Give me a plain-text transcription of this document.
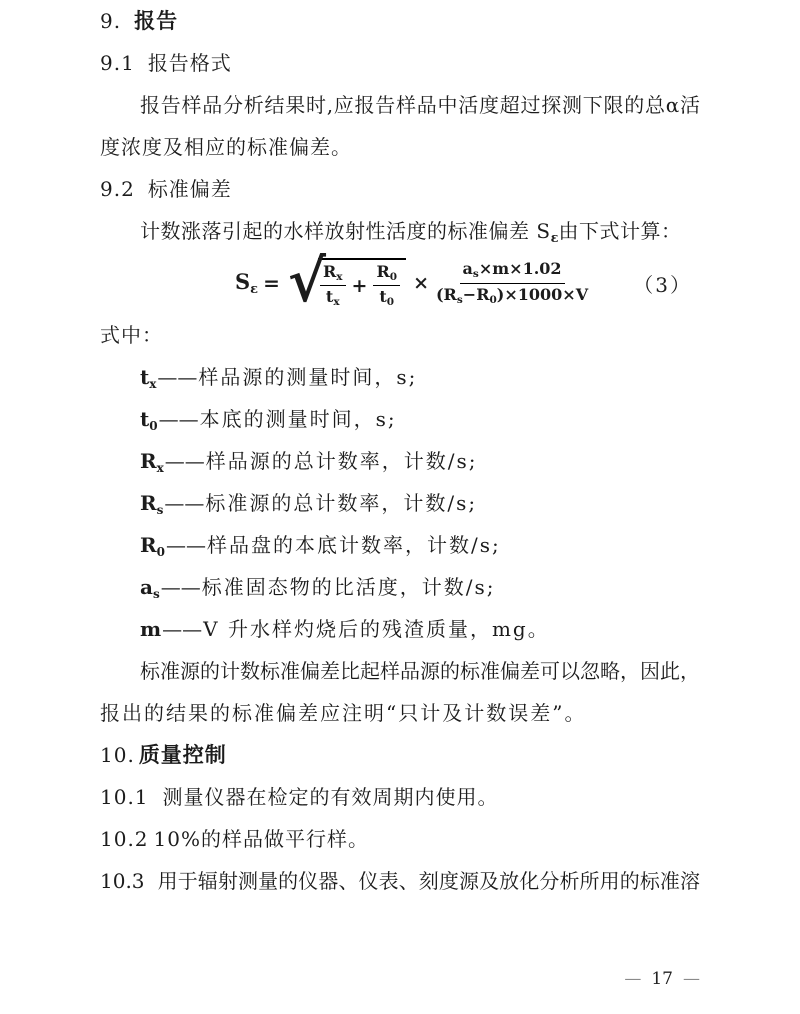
9. 报告
9.1 报告格式
报告样品分析结果时,应报告样品中活度超过探测下限的总α活
度浓度及相应的标准偏差。
9.2 标准偏差
计数涨落引起的水样放射性活度的标准偏差 $S_\varepsilon$由下式计算：
Sε = √
$\frac{Rx}{tx} + \frac{R0}{t0} \times \frac{as\times m\times 1.02}{(Rs-R0)\times 1000\times V} (3)$
式中：
$t_x——$样品源的测量时间，s;
$t_0——$本底的测量时间，s;
$R_x——$样品源的总计数率，计数/s;
$R_s——$标准源的总计数率，计数/s;
$R_0——$样品盘的本底计数率，计数/s;
$a_s——$标准固态物的比活度，计数/s;
m——V 升水样灼烧后的残渣质量，mg。
标准源的计数标准偏差比起样品源的标准偏差可以忽略，因此，
报出的结果的标准偏差应注明“只计及计数误差”。
10. 质量控制
10.1 测量仪器在检定的有效周期内使用。
10.2 10%的样品做平行样。
10.3 用于辐射测量的仪器、仪表、刻度源及放化分析所用的标准溶

— 17 —
